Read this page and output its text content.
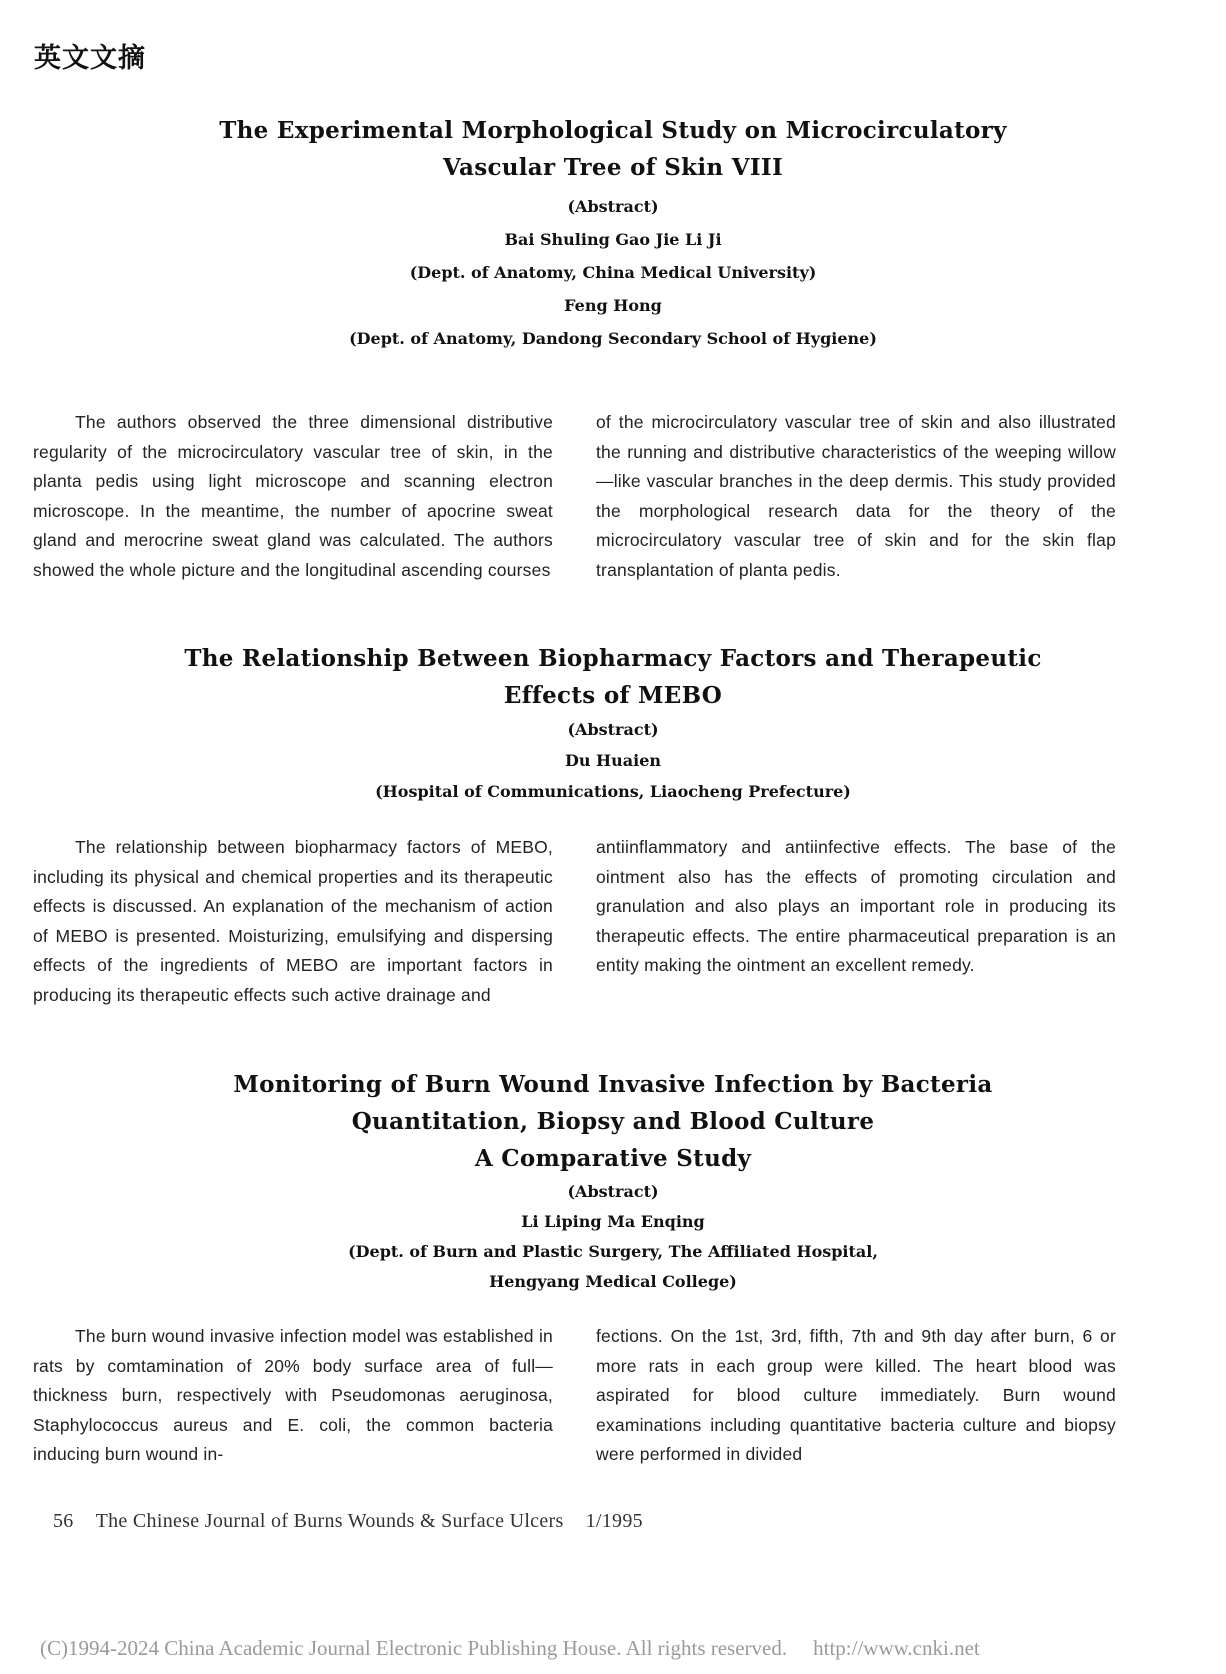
英文文摘
The Experimental Morphological Study on Microcirculatory
Vascular Tree of Skin VIII
(Abstract)
Bai Shuling Gao Jie Li Ji
(Dept. of Anatomy, China Medical University)
Feng Hong
(Dept. of Anatomy, Dandong Secondary School of Hygiene)
The authors observed the three dimensional distributive regularity of the microcirculatory vascular tree of skin, in the planta pedis using light microscope and scanning electron microscope. In the meantime, the number of apocrine sweat gland and merocrine sweat gland was calculated. The authors showed the whole picture and the longitudinal ascending courses
of the microcirculatory vascular tree of skin and also illustrated the running and distributive characteristics of the weeping willow—like vascular branches in the deep dermis. This study provided the morphological research data for the theory of the microcirculatory vascular tree of skin and for the skin flap transplantation of planta pedis.
The Relationship Between Biopharmacy Factors and Therapeutic
Effects of MEBO
(Abstract)
Du Huaien
(Hospital of Communications, Liaocheng Prefecture)
The relationship between biopharmacy factors of MEBO, including its physical and chemical properties and its therapeutic effects is discussed. An explanation of the mechanism of action of MEBO is presented. Moisturizing, emulsifying and dispersing effects of the ingredients of MEBO are important factors in producing its therapeutic effects such active drainage and
antiinflammatory and antiinfective effects. The base of the ointment also has the effects of promoting circulation and granulation and also plays an important role in producing its therapeutic effects. The entire pharmaceutical preparation is an entity making the ointment an excellent remedy.
Monitoring of Burn Wound Invasive Infection by Bacteria
Quantitation, Biopsy and Blood Culture
A Comparative Study
(Abstract)
Li Liping Ma Enqing
(Dept. of Burn and Plastic Surgery, The Affiliated Hospital,
Hengyang Medical College)
The burn wound invasive infection model was established in rats by comtamination of 20% body surface area of full—thickness burn, respectively with Pseudomonas aeruginosa, Staphylococcus aureus and E. coli, the common bacteria inducing burn wound in-
fections. On the 1st, 3rd, fifth, 7th and 9th day after burn, 6 or more rats in each group were killed. The heart blood was aspirated for blood culture immediately. Burn wound examinations including quantitative bacteria culture and biopsy were performed in divided
56 The Chinese Journal of Burns Wounds & Surface Ulcers 1/1995
(C)1994-2024 China Academic Journal Electronic Publishing House. All rights reserved. http://www.cnki.net
